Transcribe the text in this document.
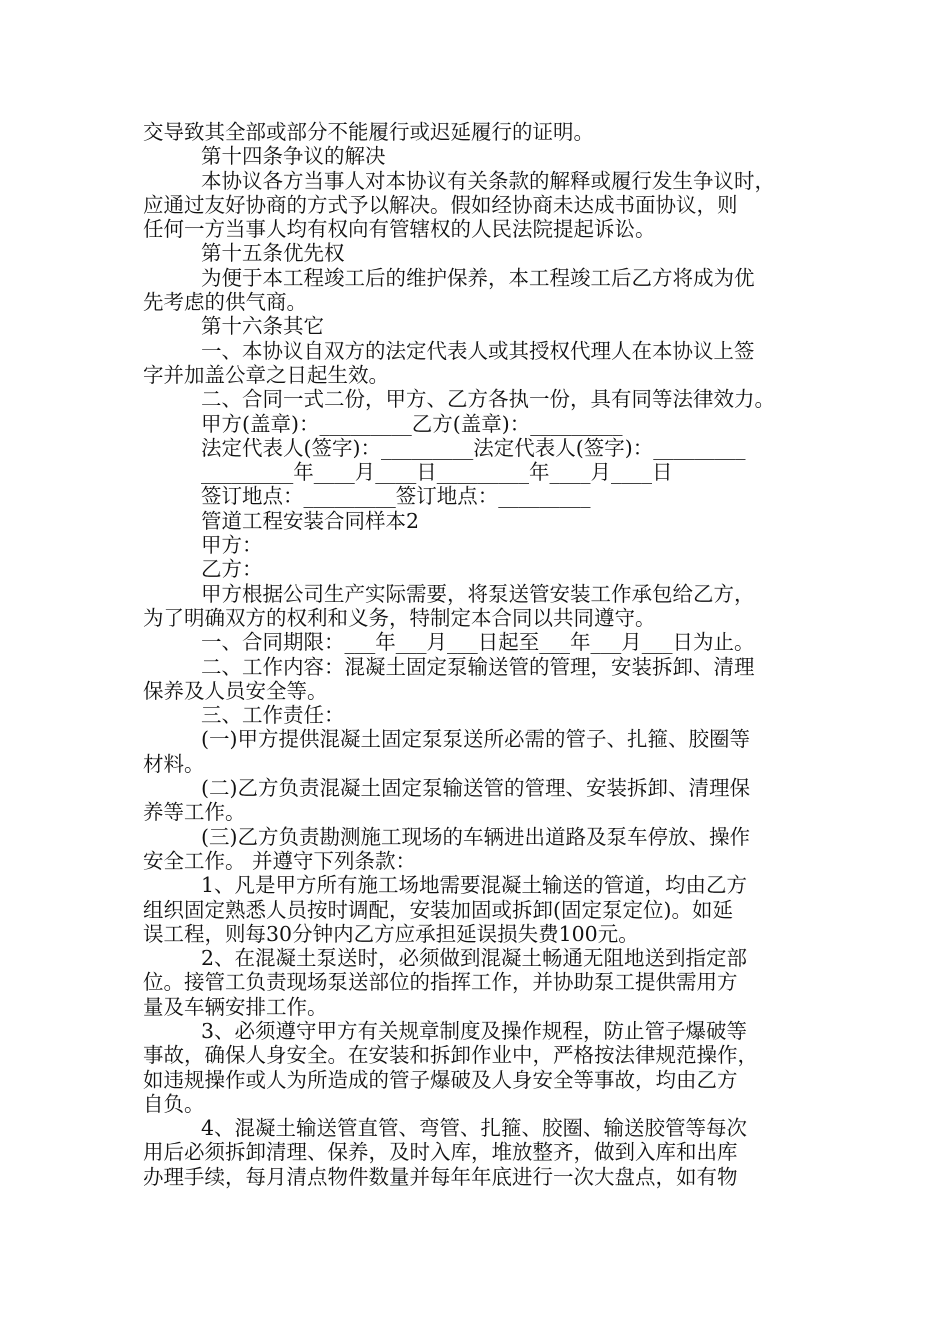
交导致其全部或部分不能履行或迟延履行的证明。
第十四条争议的解决
本协议各方当事人对本协议有关条款的解释或履行发生争议时，
应通过友好协商的方式予以解决。假如经协商未达成书面协议，则
任何一方当事人均有权向有管辖权的人民法院提起诉讼。
第十五条优先权
为便于本工程竣工后的维护保养，本工程竣工后乙方将成为优
先考虑的供气商。
第十六条其它
一、本协议自双方的法定代表人或其授权代理人在本协议上签
字并加盖公章之日起生效。
二、合同一式二份，甲方、乙方各执一份，具有同等法律效力。
甲方(盖章)：_________乙方(盖章)：_________
法定代表人(签字)：_________法定代表人(签字)：_________
_________年____月____日_________年____月____日
签订地点：_________签订地点：_________
管道工程安装合同样本2
甲方：
乙方：
甲方根据公司生产实际需要，将泵送管安装工作承包给乙方，
为了明确双方的权利和义务，特制定本合同以共同遵守。
一、合同期限：___年___月___日起至___年___月___日为止。
二、工作内容：混凝土固定泵输送管的管理，安装拆卸、清理
保养及人员安全等。
三、工作责任：
(一)甲方提供混凝土固定泵泵送所必需的管子、扎箍、胶圈等
材料。
(二)乙方负责混凝土固定泵输送管的管理、安装拆卸、清理保
养等工作。
(三)乙方负责勘测施工现场的车辆进出道路及泵车停放、操作
安全工作。 并遵守下列条款：
1、凡是甲方所有施工场地需要混凝土输送的管道，均由乙方
组织固定熟悉人员按时调配，安装加固或拆卸(固定泵定位)。如延
误工程，则每30分钟内乙方应承担延误损失费100元。
2、在混凝土泵送时，必须做到混凝土畅通无阻地送到指定部
位。接管工负责现场泵送部位的指挥工作，并协助泵工提供需用方
量及车辆安排工作。
3、必须遵守甲方有关规章制度及操作规程，防止管子爆破等
事故，确保人身安全。在安装和拆卸作业中，严格按法律规范操作，
如违规操作或人为所造成的管子爆破及人身安全等事故，均由乙方
自负。
4、混凝土输送管直管、弯管、扎箍、胶圈、输送胶管等每次
用后必须拆卸清理、保养，及时入库，堆放整齐，做到入库和出库
办理手续，每月清点物件数量并每年年底进行一次大盘点，如有物
